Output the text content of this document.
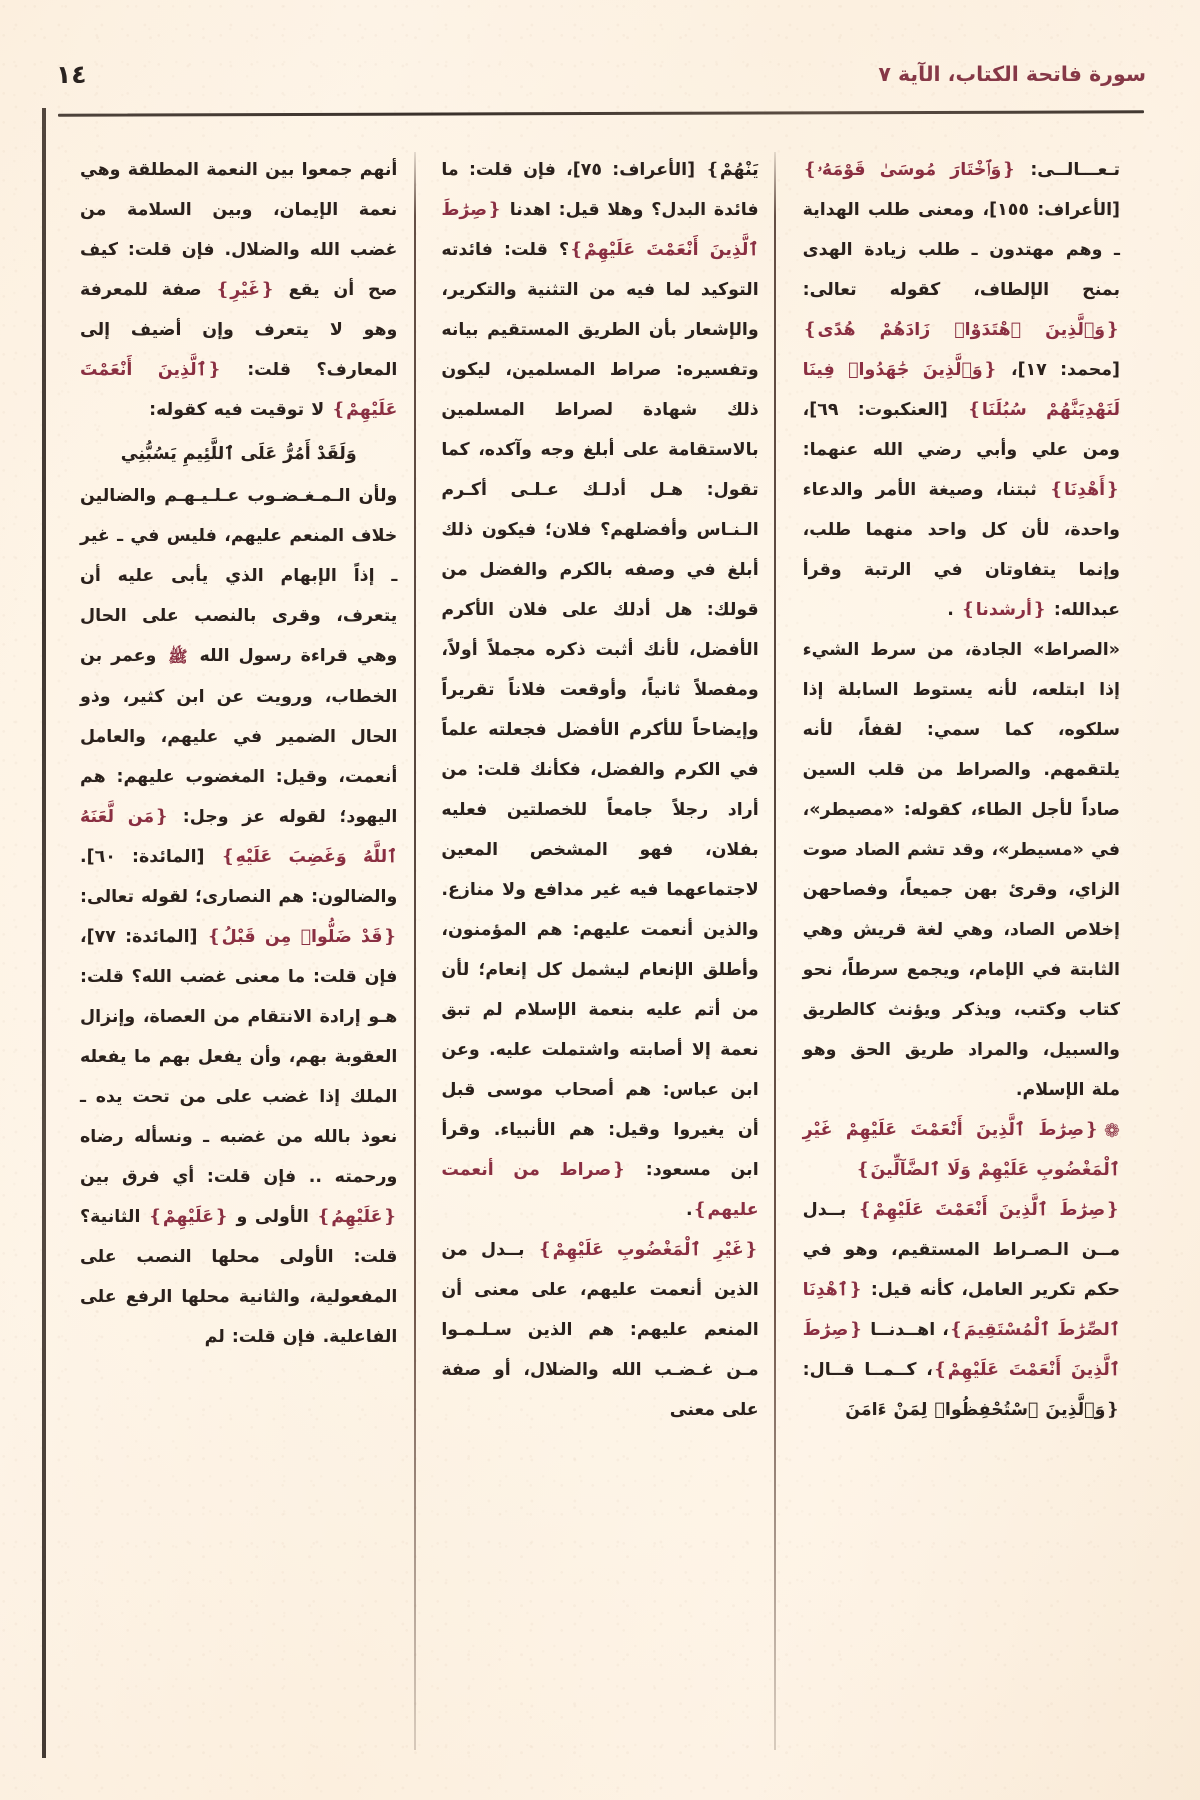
سورة فاتحة الكتاب، الآية ٧
١٤

تـعـــالــى: ❴وَٱخْتَارَ مُوسَىٰ قَوْمَهُۥ❵ [الأعراف: ١٥٥]، ومعنى طلب الهداية ـ وهم مهتدون ـ طلب زيادة الهدى بمنح الإلطاف، كقوله تعالى: ❴وَٱلَّذِينَ ٱهْتَدَوْا۟ زَادَهُمْ هُدًى❵ [محمد: ١٧]، ❴وَٱلَّذِينَ جَٰهَدُوا۟ فِينَا لَنَهْدِيَنَّهُمْ سُبُلَنَا❵ [العنكبوت: ٦٩]، ومن علي وأبي رضي الله عنهما: ❴أَهْدِنَا❵ ثبتنا، وصيغة الأمر والدعاء واحدة، لأن كل واحد منهما طلب، وإنما يتفاوتان في الرتبة وقرأ عبدالله: ❴أرشدنا❵ .

«الصراط» الجادة، من سرط الشيء إذا ابتلعه، لأنه يستوط السابلة إذا سلكوه، كما سمي: لقفاً، لأنه يلتقمهم. والصراط من قلب السين صاداً لأجل الطاء، كقوله: «مصيطر»، في «مسيطر»، وقد تشم الصاد صوت الزاي، وقرئ بهن جميعاً، وفصاحهن إخلاص الصاد، وهي لغة قريش وهي الثابتة في الإمام، ويجمع سرطاً، نحو كتاب وكتب، ويذكر ويؤنث كالطريق والسبيل، والمراد طريق الحق وهو ملة الإسلام.

❁❴صِرَٰطَ ٱلَّذِينَ أَنْعَمْتَ عَلَيْهِمْ غَيْرِ ٱلْمَغْضُوبِ عَلَيْهِمْ وَلَا ٱلضَّآلِّينَ❵

❴صِرَٰطَ ٱلَّذِينَ أَنْعَمْتَ عَلَيْهِمْ❵ بــدل مــن الـصـراط المستقيم، وهو في حكم تكرير العامل، كأنه قيل: ❴ٱهْدِنَا ٱلصِّرَٰطَ ٱلْمُسْتَقِيمَ❵، اهــدنــا ❴صِرَٰطَ ٱلَّذِينَ أَنْعَمْتَ عَلَيْهِمْ❵، كــمــا قــال: ❴وَٱلَّذِينَ ٱسْتُحْفِظُوا۟ لِمَنْ ءَامَنَ

يَنْهُمْ❵ [الأعراف: ٧٥]، فإن قلت: ما فائدة البدل؟ وهلا قيل: اهدنا ❴صِرَٰطَ ٱلَّذِينَ أَنْعَمْتَ عَلَيْهِمْ❵؟ قلت: فائدته التوكيد لما فيه من التثنية والتكرير، والإشعار بأن الطريق المستقيم بيانه وتفسيره: صراط المسلمين، ليكون ذلك شهادة لصراط المسلمين بالاستقامة على أبلغ وجه وآكده، كما تقول: هـل أدلـك عـلـى أكـرم الـنـاس وأفضلهم؟ فلان؛ فيكون ذلك أبلغ في وصفه بالكرم والفضل من قولك: هل أدلك على فلان الأكرم الأفضل، لأنك أثبت ذكره مجملاً أولاً، ومفصلاً ثانياً، وأوقعت فلاناً تقريراً وإيضاحاً للأكرم الأفضل فجعلته علماً في الكرم والفضل، فكأنك قلت: من أراد رجلاً جامعاً للخصلتين فعليه بفلان، فهو المشخص المعين لاجتماعهما فيه غير مدافع ولا منازع. والذين أنعمت عليهم: هم المؤمنون، وأطلق الإنعام ليشمل كل إنعام؛ لأن من أتم عليه بنعمة الإسلام لم تبق نعمة إلا أصابته واشتملت عليه. وعن ابن عباس: هم أصحاب موسى قبل أن يغيروا وقيل: هم الأنبياء. وقرأ ابن مسعود: ❴صراط من أنعمت عليهم❵.

❴غَيْرِ ٱلْمَغْضُوبِ عَلَيْهِمْ❵ بــدل من الذين أنعمت عليهم، على معنى أن المنعم عليهم: هم الذين سـلـمـوا مـن غـضـب الله والضلال، أو صفة على معنى

أنهم جمعوا بين النعمة المطلقة وهي نعمة الإيمان، وبين السلامة من غضب الله والضلال. فإن قلت: كيف صح أن يقع ❴غَيْرِ❵ صفة للمعرفة وهو لا يتعرف وإن أضيف إلى المعارف؟ قلت: ❴ٱلَّذِينَ أَنْعَمْتَ عَلَيْهِمْ❵ لا توقيت فيه كقوله:

وَلَقَدْ أَمُرُّ عَلَى ٱللَّئِيمِ يَسُبُّنِي

ولأن الـمـغـضـوب عـلـيـهـم والضالين خلاف المنعم عليهم، فليس في ـ غير ـ إذاً الإبهام الذي يأبى عليه أن يتعرف، وقرى بالنصب على الحال وهي قراءة رسول الله ﷺ وعمر بن الخطاب، ورويت عن ابن كثير، وذو الحال الضمير في عليهم، والعامل أنعمت، وقيل: المغضوب عليهم: هم اليهود؛ لقوله عز وجل: ❴مَن لَّعَنَهُ ٱللَّهُ وَغَضِبَ عَلَيْهِ❵ [المائدة: ٦٠]. والضالون: هم النصارى؛ لقوله تعالى: ❴قَدْ ضَلُّوا۟ مِن قَبْلُ❵ [المائدة: ٧٧]، فإن قلت: ما معنى غضب الله؟ قلت: هـو إرادة الانتقام من العصاة، وإنزال العقوبة بهم، وأن يفعل بهم ما يفعله الملك إذا غضب على من تحت يده ـ نعوذ بالله من غضبه ـ ونسأله رضاه ورحمته .. فإن قلت: أي فرق بين ❴عَلَيْهِمُ❵ الأولى و ❴عَلَيْهِمْ❵ الثانية؟ قلت: الأولى محلها النصب على المفعولية، والثانية محلها الرفع على الفاعلية. فإن قلت: لم
